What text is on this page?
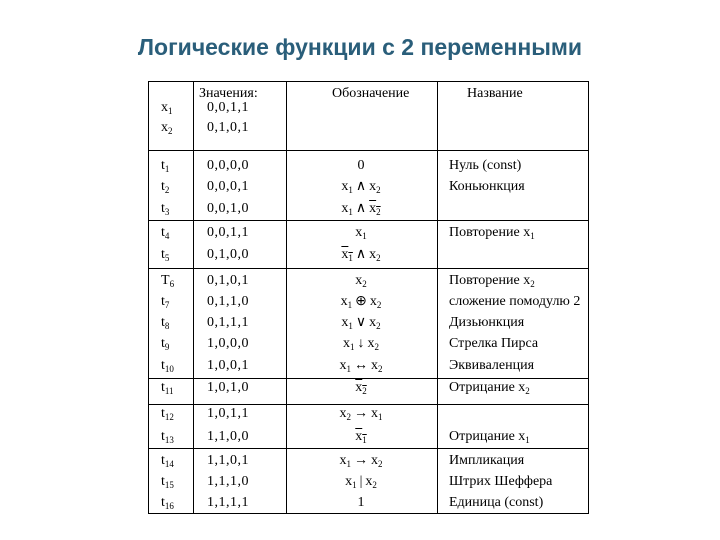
Логические функции с 2 переменными
Значения:	Обозначение	Название
$x_1$ 0,0,1,1
$x_2$ 0,1,0,1
$t_1$	0,0,0,0	0	Нуль (const)
$t_2$	0,0,0,1	$x_1$ ∧ $x_2$	Коньюнкция
$t_3$	0,0,1,0	$x_1$ ∧ $x_2$
$t_4$	0,0,1,1	$x_1$	Повторение $x_1$
$t_5$	0,1,0,0	$x_1$ ∧ $x_2$
$T_6$ 0,1,0,1	$x_2$	Повторение $x_2$
$t_7$	0,1,1,0	$x_1$ ⊕ $x_2$	сложение помодулю 2
$t_8$	0,1,1,1	$x_1$ ∨ $x_2$	Дизьюнкция
$t_9$	1,0,0,0	$x_1$ ↓ $x_2$	Стрелка Пирса
$t_{10}$ 1,0,0,1	$x_1$ ↔ $x_2$	Эквиваленция
$t_{11}$ 1,0,1,0	$x_2$	Отрицание $x_2$
$t_{12}$ 1,0,1,1	$x_2 \to x_1$
$t_{13}$ 1,1,0,0	$x_1$	Отрицание $x_1$
$t_{14}$ 1,1,0,1	$x_1 \to x_2$	Импликация
$t_{15}$ 1,1,1,0	$x_1$ | $x_2$	Штрих Шеффера
$t_{16}$ 1,1,1,1	1	Единица (const)
